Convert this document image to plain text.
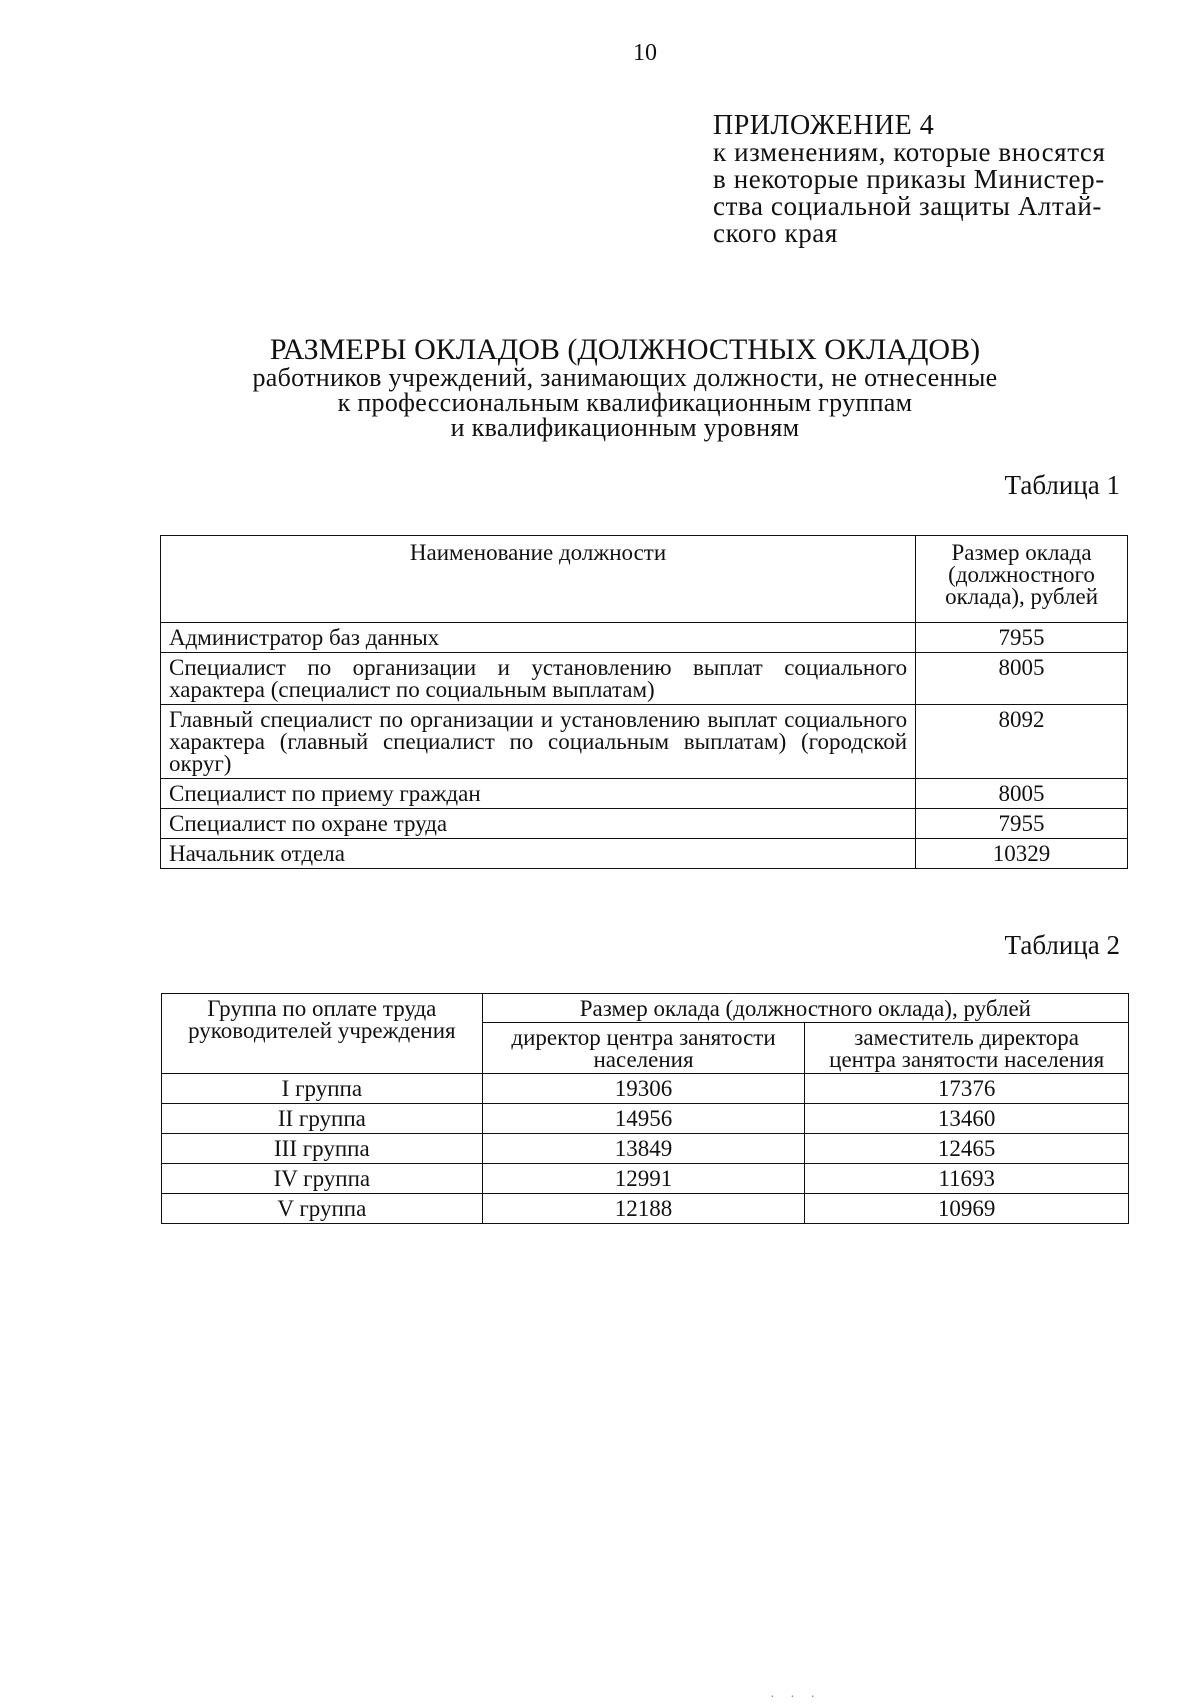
10
ПРИЛОЖЕНИЕ 4
к изменениям, которые вносятся
в некоторые приказы Министер-
ства социальной защиты Алтай-
ского края
РАЗМЕРЫ ОКЛАДОВ (ДОЛЖНОСТНЫХ ОКЛАДОВ)
работников учреждений, занимающих должности, не отнесенные
к профессиональным квалификационным группам
и квалификационным уровням
Таблица 1
Наименование должности	Размер оклада
(должностного
оклада), рублей
Администратор баз данных	7955
Специалист по организации и установлению выплат социального характера (специалист по социальным выплатам)	8005
Главный специалист по организации и установлению выплат социального характера (главный специалист по социальным выплатам) (городской округ)	8092
Специалист по приему граждан	8005
Специалист по охране труда	7955
Начальник отдела	10329
Таблица 2
Группа по оплате труда
руководителей учреждения	Размер оклада (должностного оклада), рублей	
	директор центра занятости
населения	заместитель директора
центра занятости населения
I группа	19306	17376
II группа	14956	13460
III группа	13849	12465
IV группа	12991	11693
V группа	12188	10969
· · ·
